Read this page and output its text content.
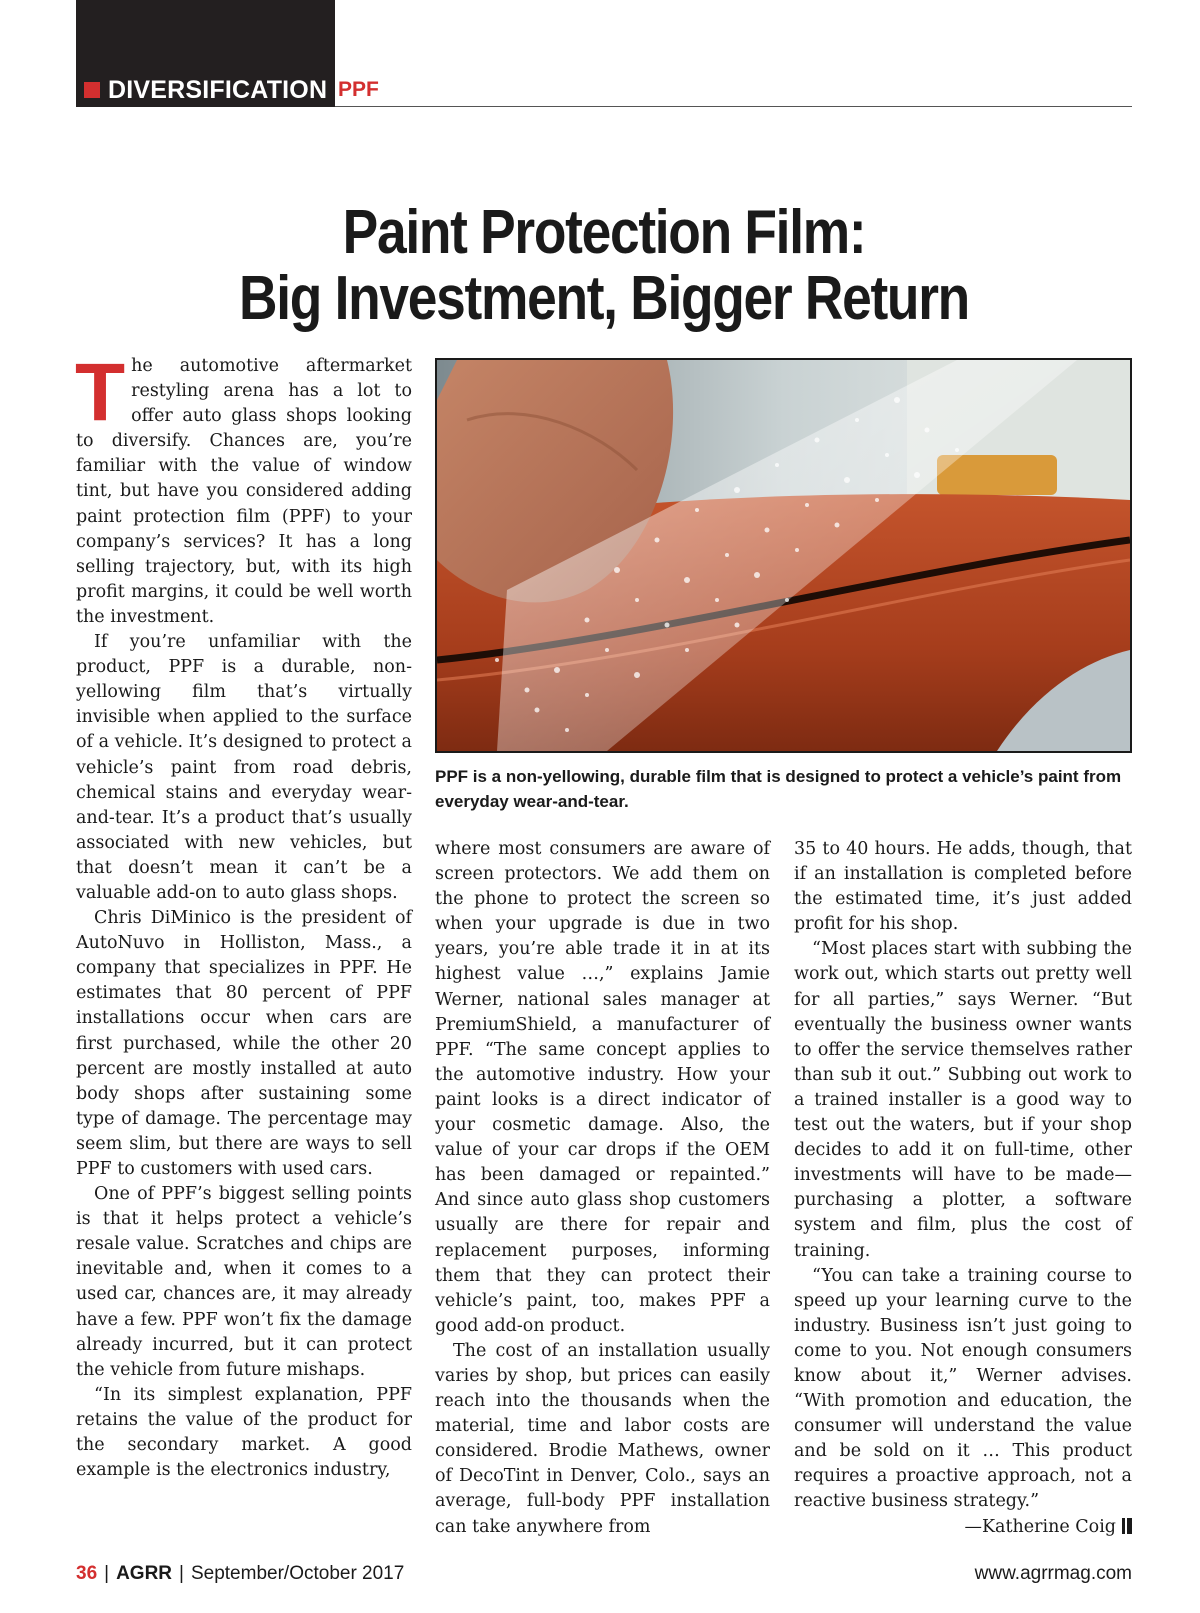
DIVERSIFICATION PPF
Paint Protection Film:
Big Investment, Bigger Return

The automotive aftermarket restyling arena has a lot to offer auto glass shops looking to diversify. Chances are, you’re familiar with the value of window tint, but have you considered adding paint protection film (PPF) to your company’s services? It has a long selling trajectory, but, with its high profit margins, it could be well worth the investment.

If you’re unfamiliar with the product, PPF is a durable, non-yellowing film that’s virtually invisible when applied to the surface of a vehicle. It’s designed to protect a vehicle’s paint from road debris, chemical stains and everyday wear-and-tear. It’s a product that’s usually associated with new vehicles, but that doesn’t mean it can’t be a valuable add-on to auto glass shops.

Chris DiMinico is the president of AutoNuvo in Holliston, Mass., a company that specializes in PPF. He estimates that 80 percent of PPF installations occur when cars are first purchased, while the other 20 percent are mostly installed at auto body shops after sustaining some type of damage. The percentage may seem slim, but there are ways to sell PPF to customers with used cars.

One of PPF’s biggest selling points is that it helps protect a vehicle’s resale value. Scratches and chips are inevitable and, when it comes to a used car, chances are, it may already have a few. PPF won’t fix the damage already incurred, but it can protect the vehicle from future mishaps.

“In its simplest explanation, PPF retains the value of the product for the secondary market. A good example is the electronics industry,

PPF is a non-yellowing, durable film that is designed to protect a vehicle’s paint from everyday wear-and-tear.

where most consumers are aware of screen protectors. We add them on the phone to protect the screen so when your upgrade is due in two years, you’re able trade it in at its highest value …,” explains Jamie Werner, national sales manager at PremiumShield, a manufacturer of PPF. “The same concept applies to the automotive industry. How your paint looks is a direct indicator of your cosmetic damage. Also, the value of your car drops if the OEM has been damaged or repainted.” And since auto glass shop customers usually are there for repair and replacement purposes, informing them that they can protect their vehicle’s paint, too, makes PPF a good add-on product.

The cost of an installation usually varies by shop, but prices can easily reach into the thousands when the material, time and labor costs are considered. Brodie Mathews, owner of DecoTint in Denver, Colo., says an average, full-body PPF installation can take anywhere from

35 to 40 hours. He adds, though, that if an installation is completed before the estimated time, it’s just added profit for his shop.

“Most places start with subbing the work out, which starts out pretty well for all parties,” says Werner. “But eventually the business owner wants to offer the service themselves rather than sub it out.” Subbing out work to a trained installer is a good way to test out the waters, but if your shop decides to add it on full-time, other investments will have to be made—purchasing a plotter, a software system and film, plus the cost of training.

“You can take a training course to speed up your learning curve to the industry. Business isn’t just going to come to you. Not enough consumers know about it,” Werner advises. “With promotion and education, the consumer will understand the value and be sold on it … This product requires a proactive approach, not a reactive business strategy.”

—Katherine Coig

36 | AGRR | September/October 2017	www.agrrmag.com
